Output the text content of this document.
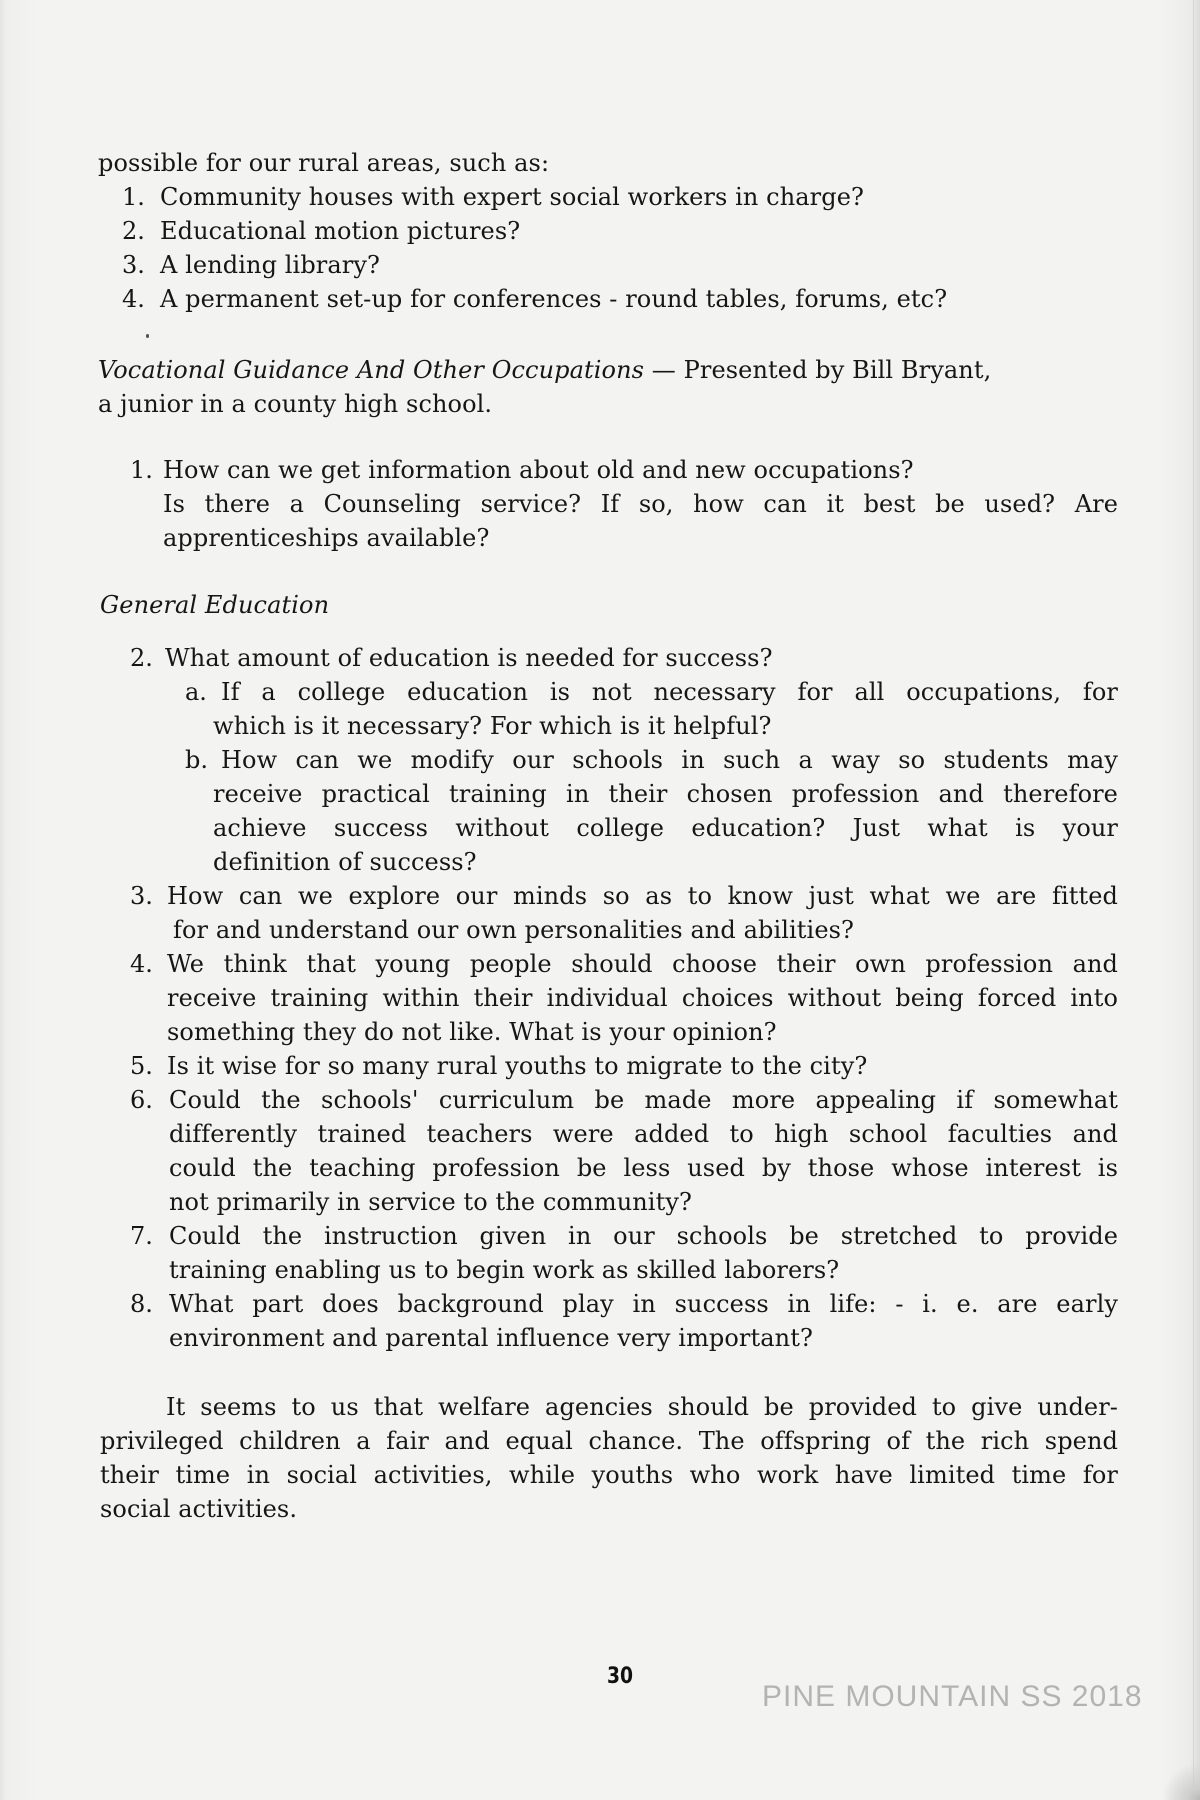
possible for our rural areas, such as:
1. Community houses with expert social workers in charge?
2. Educational motion pictures?
3. A lending library?
4. A permanent set-up for conferences - round tables, forums, etc?
Vocational Guidance And Other Occupations — Presented by Bill Bryant,
a junior in a county high school.
1. How can we get information about old and new occupations?
Is there a Counseling service? If so, how can it best be used? Are
apprenticeships available?
General Education
2. What amount of education is needed for success?
a. If a college education is not necessary for all occupations, for
which is it necessary? For which is it helpful?
b. How can we modify our schools in such a way so students may
receive practical training in their chosen profession and therefore
achieve success without college education? Just what is your
definition of success?
3. How can we explore our minds so as to know just what we are fitted
for and understand our own personalities and abilities?
4. We think that young people should choose their own profession and
receive training within their individual choices without being forced into
something they do not like. What is your opinion?
5. Is it wise for so many rural youths to migrate to the city?
6. Could the schools' curriculum be made more appealing if somewhat
differently trained teachers were added to high school faculties and
could the teaching profession be less used by those whose interest is
not primarily in service to the community?
7. Could the instruction given in our schools be stretched to provide
training enabling us to begin work as skilled laborers?
8. What part does background play in success in life: - i. e. are early
environment and parental influence very important?
It seems to us that welfare agencies should be provided to give under-
privileged children a fair and equal chance. The offspring of the rich spend
their time in social activities, while youths who work have limited time for
social activities.
30
PINE MOUNTAIN SS 2018
